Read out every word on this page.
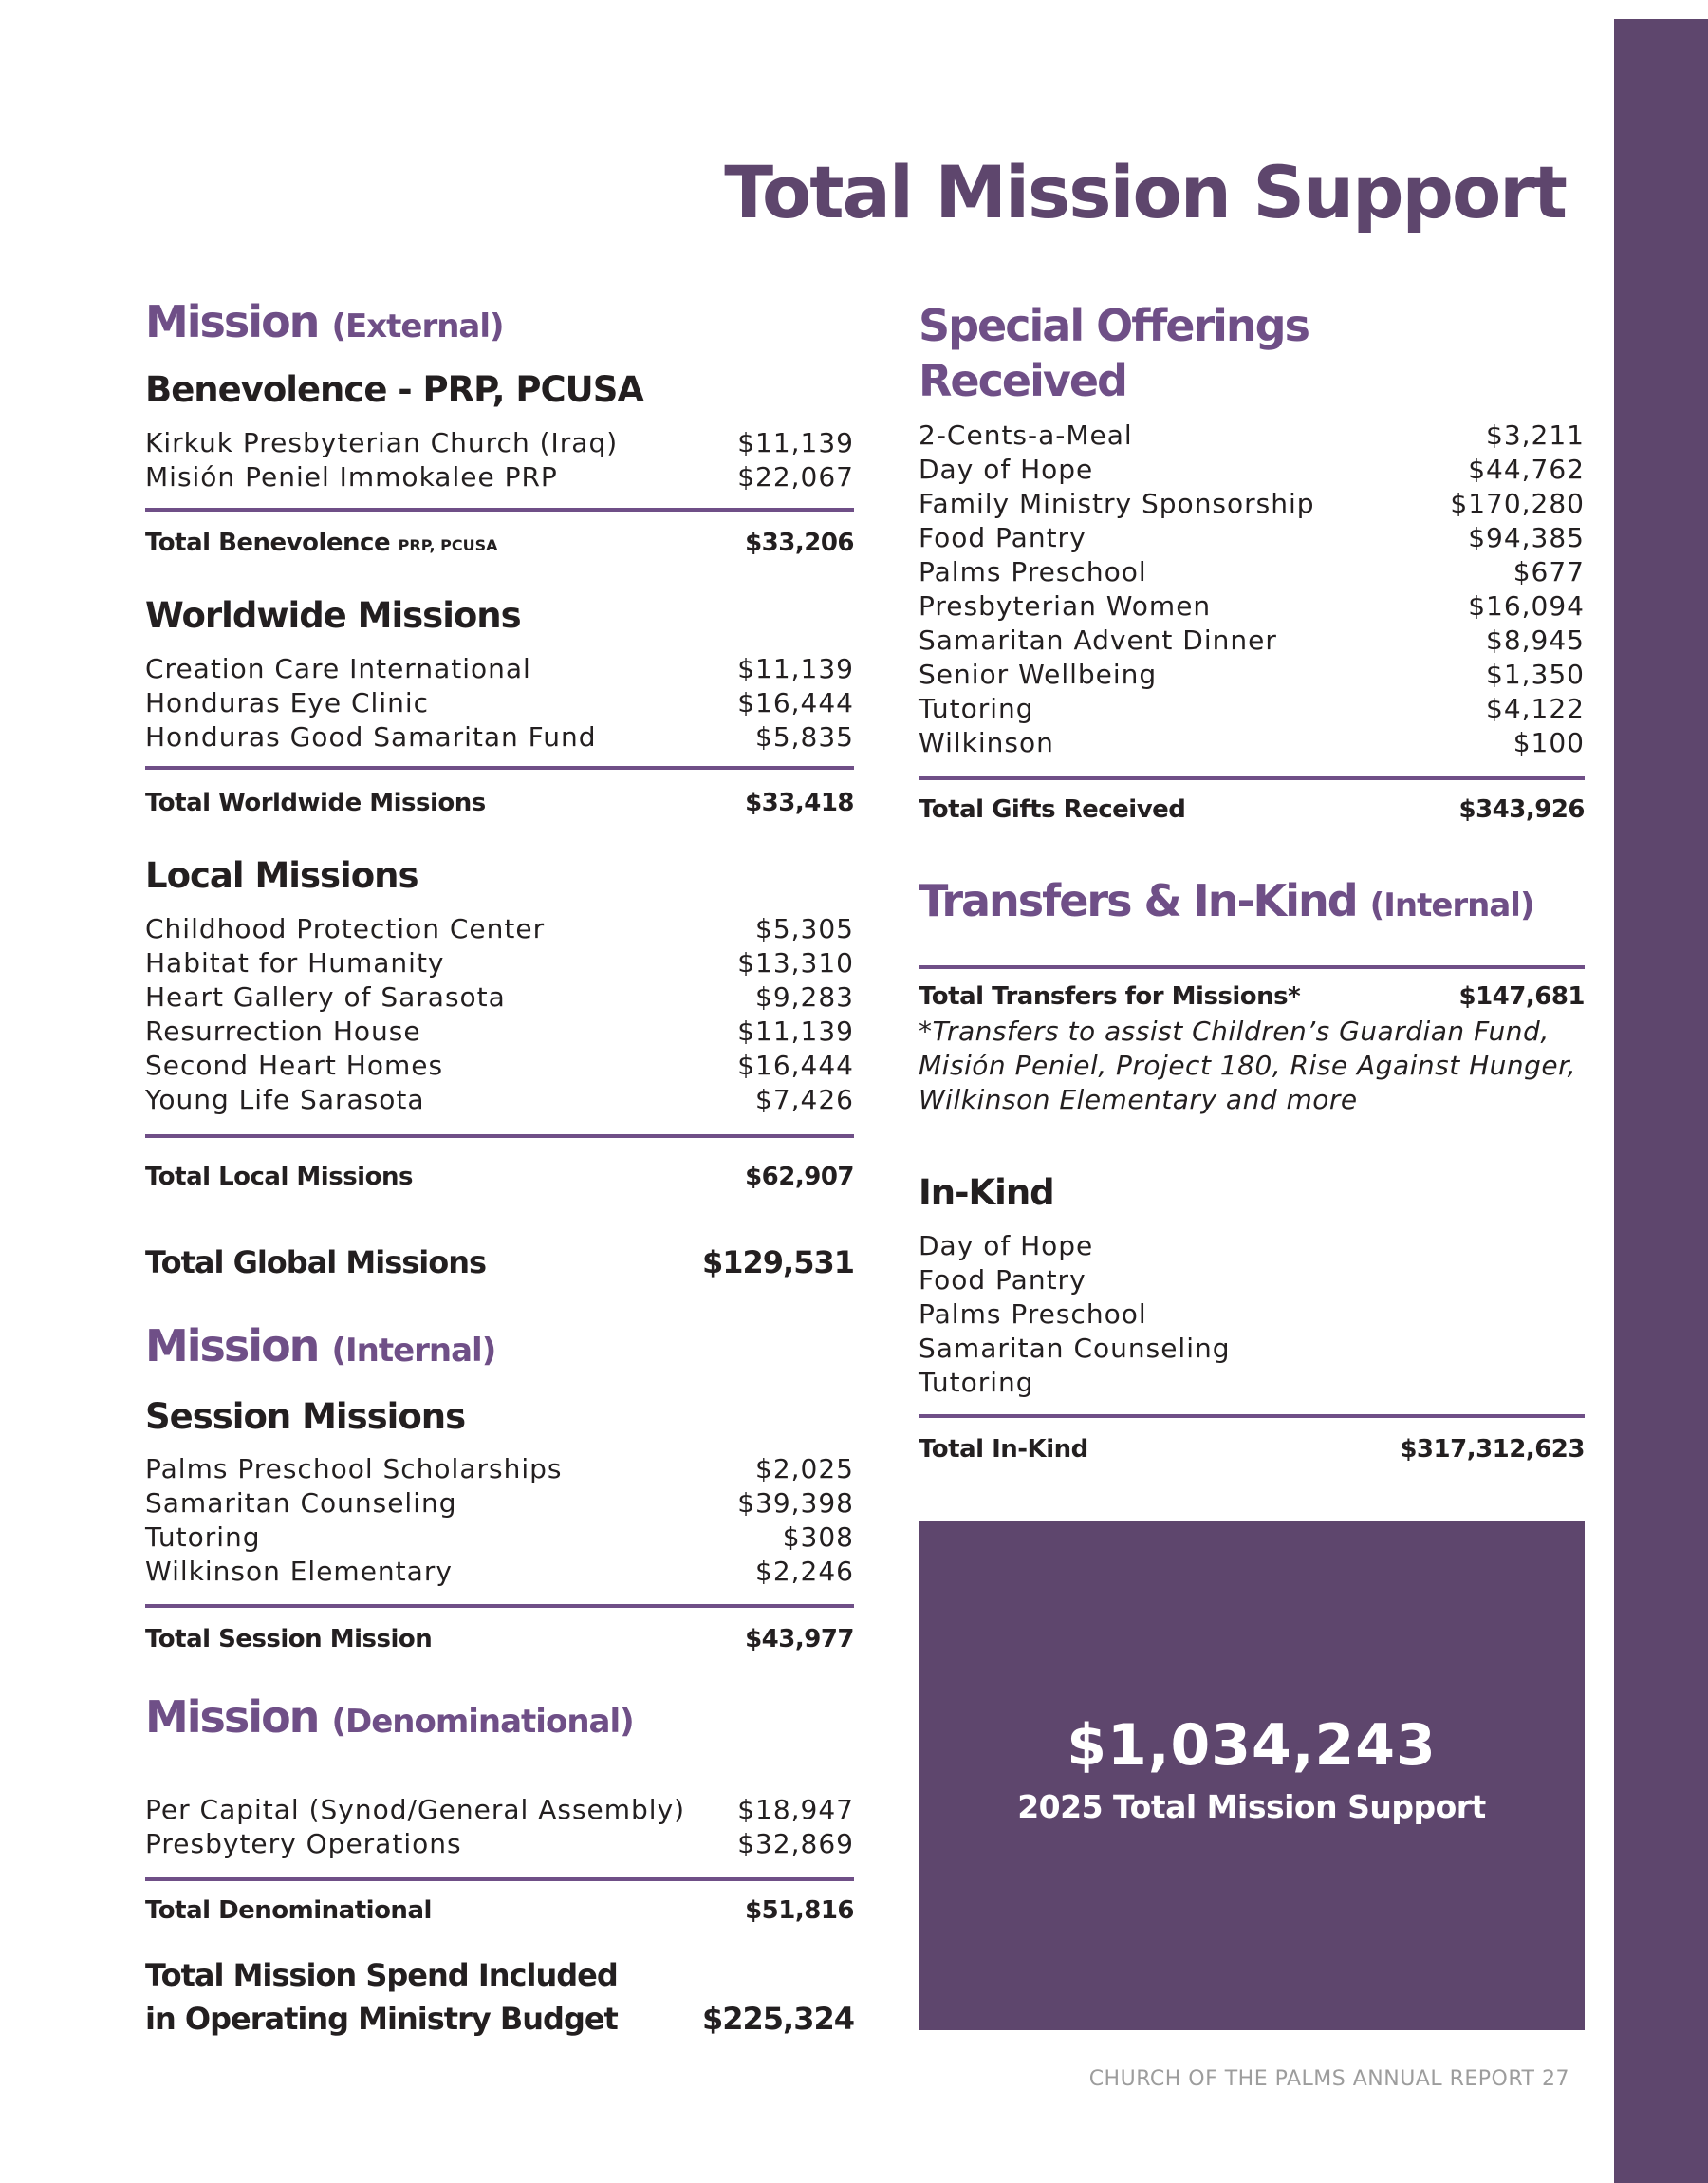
Total Mission Support
Mission (External)
Benevolence - PRP, PCUSA
Kirkuk Presbyterian Church (Iraq)	$11,139
Misión Peniel Immokalee PRP	$22,067
Total Benevolence PRP, PCUSA	$33,206
Worldwide Missions
Creation Care International	$11,139
Honduras Eye Clinic	$16,444
Honduras Good Samaritan Fund	$5,835
Total Worldwide Missions	$33,418
Local Missions
Childhood Protection Center	$5,305
Habitat for Humanity	$13,310
Heart Gallery of Sarasota	$9,283
Resurrection House	$11,139
Second Heart Homes	$16,444
Young Life Sarasota	$7,426
Total Local Missions	$62,907
Total Global Missions	$129,531
Mission (Internal)
Session Missions
Palms Preschool Scholarships	$2,025
Samaritan Counseling	$39,398
Tutoring	$308
Wilkinson Elementary	$2,246
Total Session Mission	$43,977
Mission (Denominational)
Per Capital (Synod/General Assembly) $18,947
Presbytery Operations	$32,869
Total Denominational	$51,816
Total Mission Spend Included
in Operating Ministry Budget	$225,324
Special Offerings
Received
2-Cents-a-Meal	$3,211
Day of Hope	$44,762
Family Ministry Sponsorship	$170,280
Food Pantry	$94,385
Palms Preschool	$677
Presbyterian Women	$16,094
Samaritan Advent Dinner	$8,945
Senior Wellbeing	$1,350
Tutoring	$4,122
Wilkinson	$100
Total Gifts Received	$343,926
Transfers & In-Kind (Internal)
Total Transfers for Missions*	$147,681

*Transfers to assist Children’s Guardian Fund,
Misión Peniel, Project 180, Rise Against Hunger,
Wilkinson Elementary and more

In-Kind
Day of Hope
Food Pantry
Palms Preschool
Samaritan Counseling
Tutoring
Total In-Kind	$317,312,623
$1,034,243
2025 Total Mission Support
CHURCH OF THE PALMS ANNUAL REPORT 27
